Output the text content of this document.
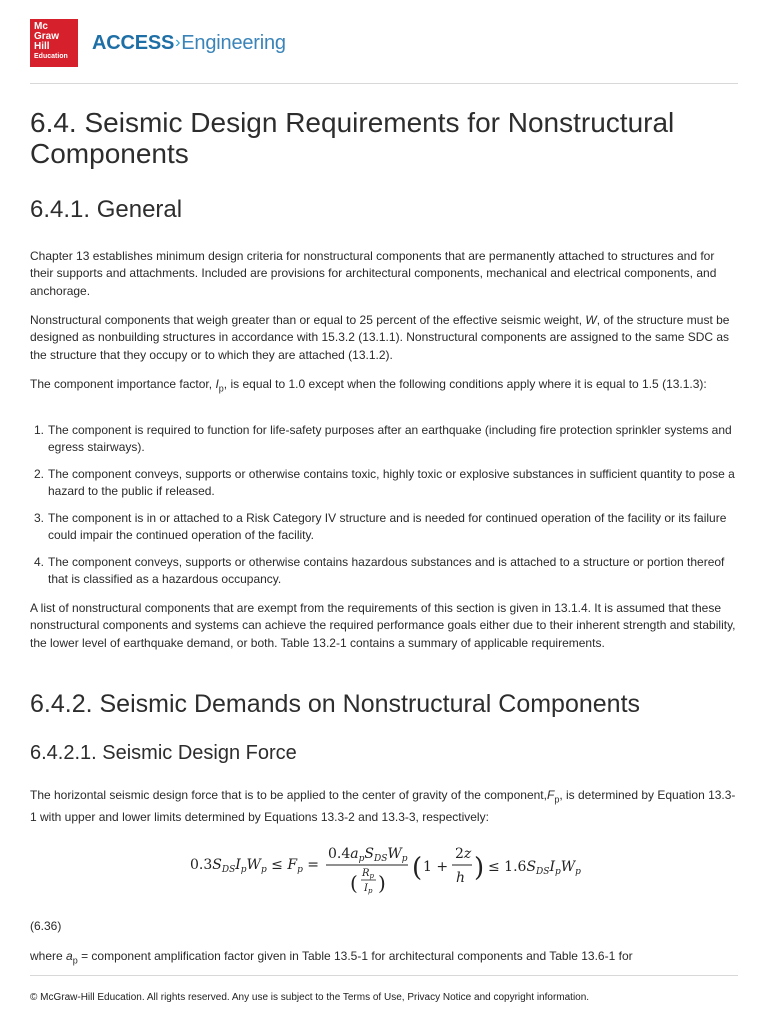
Mc
Graw
Hill
Education
ACCESS › Engineering
6.4. Seismic Design Requirements for Nonstructural Components
6.4.1. General

Chapter 13 establishes minimum design criteria for nonstructural components that are permanently attached to structures and for their supports and attachments. Included are provisions for architectural components, mechanical and electrical components, and anchorage.

Nonstructural components that weigh greater than or equal to 25 percent of the effective seismic weight, W, of the structure must be designed as nonbuilding structures in accordance with 15.3.2 (13.1.1). Nonstructural components are assigned to the same SDC as the structure that they occupy or to which they are attached (13.1.2).

The component importance factor, $I_p$, is equal to 1.0 except when the following conditions apply where it is equal to 1.5 (13.1.3):

1. The component is required to function for life-safety purposes after an earthquake (including fire protection sprinkler systems and egress stairways).
2. The component conveys, supports or otherwise contains toxic, highly toxic or explosive substances in sufficient quantity to pose a hazard to the public if released.
3. The component is in or attached to a Risk Category IV structure and is needed for continued operation of the facility or its failure could impair the continued operation of the facility.
4. The component conveys, supports or otherwise contains hazardous substances and is attached to a structure or portion thereof that is classified as a hazardous occupancy.

A list of nonstructural components that are exempt from the requirements of this section is given in 13.1.4. It is assumed that these nonstructural components and systems can achieve the required performance goals either due to their inherent strength and stability, the lower level of earthquake demand, or both. Table 13.2-1 contains a summary of applicable requirements.

6.4.2. Seismic Demands on Nonstructural Components
6.4.2.1. Seismic Design Force

The horizontal seismic design force that is to be applied to the center of gravity of the $component,F_p$, is determined by Equation 13.3-1 with upper and lower limits determined by Equations 13.3-2 and 13.3-3, respectively:

$0.3S_{DS}I_pW_p \le F_p$ =
$0.4a_pS_{DS}W_p$
( $R_p$
$I_p$ ) ( 1 +
2z
h ) ≤ $1.6S_{DS}I_pW_p$

(6.36)

where $a_p$ = component amplification factor given in Table 13.5-1 for architectural components and Table 13.6-1 for

© McGraw-Hill Education. All rights reserved. Any use is subject to the Terms of Use, Privacy Notice and copyright information.
